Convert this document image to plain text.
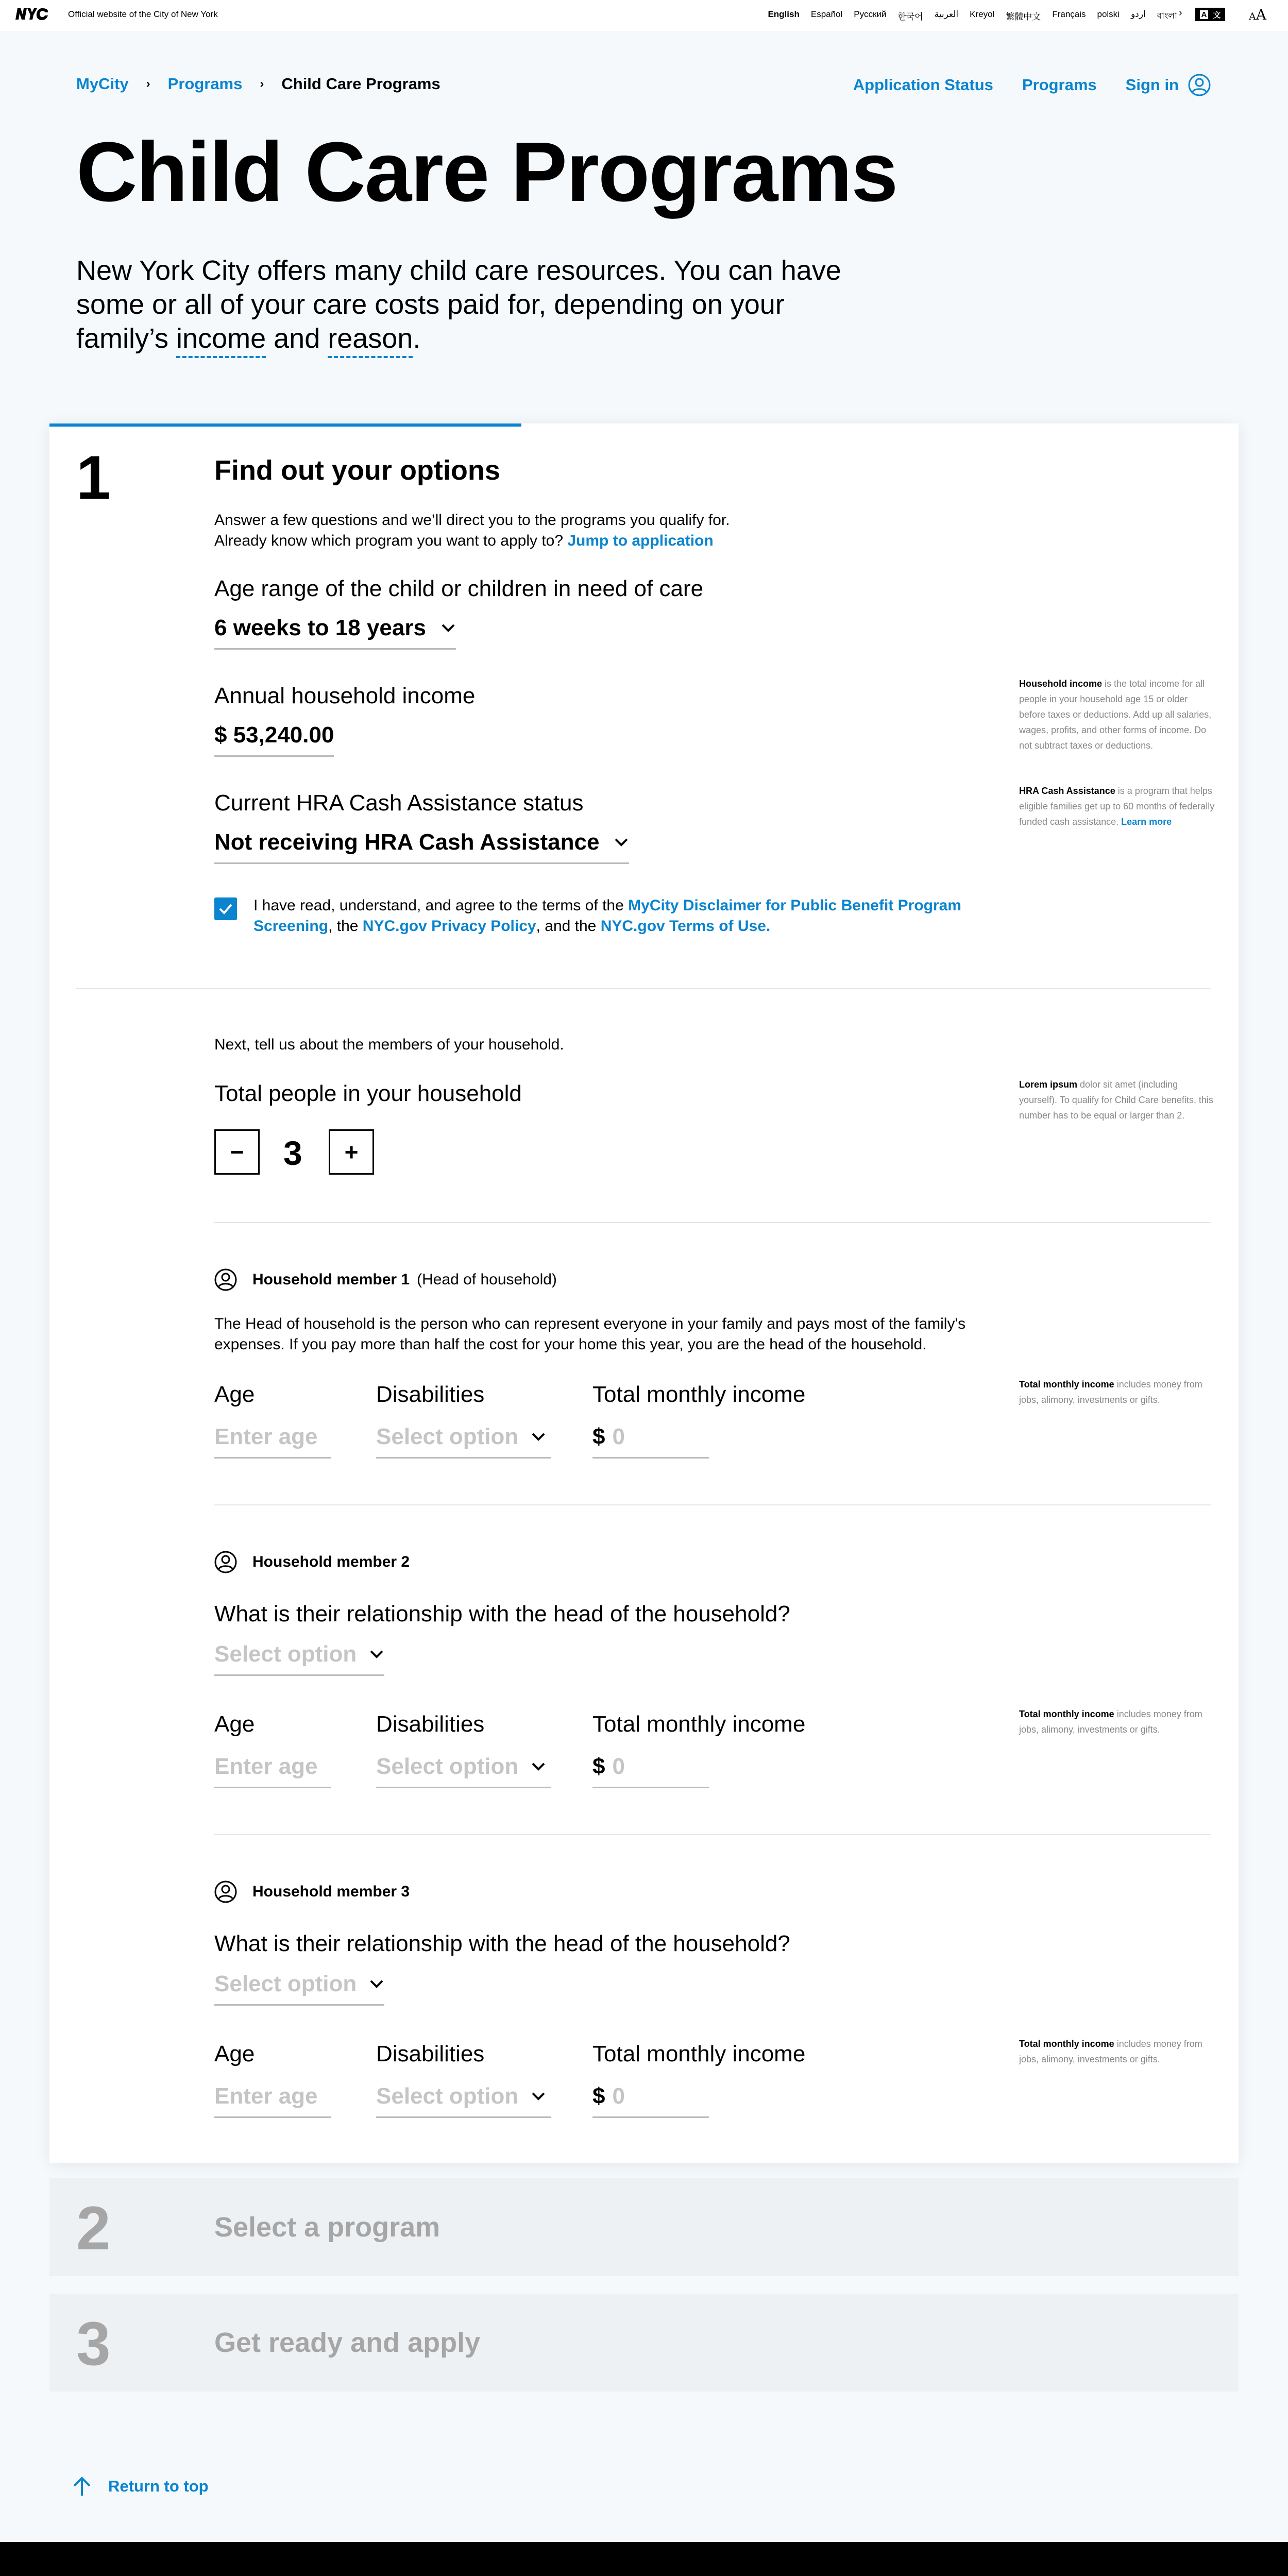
Official website of the City of New York	English Español Русский 한국어 العربية Kreyol 繁體中文 Français polski اردو বাংলা › A 文	AA
MyCity › Programs › Child Care Programs	Application Status Programs Sign in
Child Care Programs

New York City offers many child care resources. You can have some or all of your care costs paid for, depending on your family’s income and reason.

1	Find out your options

Answer a few questions and we’ll direct you to the programs you qualify for.
Already know which program you want to apply to? Jump to application

Age range of the child or children in need of care
6 weeks to 18 years
Annual household income
$ 53,240.00
Current HRA Cash Assistance status
Not receiving HRA Cash Assistance

Household income is the total income for all people in your household age 15 or older before taxes or deductions. Add up all salaries, wages, profits, and other forms of income. Do not subtract taxes or deductions.

HRA Cash Assistance is a program that helps eligible families get up to 60 months of federally funded cash assistance. Learn more

I have read, understand, and agree to the terms of the MyCity Disclaimer for Public Benefit Program Screening, the NYC.gov Privacy Policy, and the NYC.gov Terms of Use.

Next, tell us about the members of your household.

Total people in your household
−	3	+

Lorem ipsum dolor sit amet (including yourself). To qualify for Child Care benefits, this number has to be equal or larger than 2.

Household member 1 (Head of household)

The Head of household is the person who can represent everyone in your family and pays most of the family's expenses. If you pay more than half the cost for your home this year, you are the head of the household.

Age	Disabilities	Total monthly income
Enter age	Select option	$ 0

Total monthly income includes money from jobs, alimony, investments or gifts.

Household member 2
What is their relationship with the head of the household?
Select option
Age	Disabilities	Total monthly income
Enter age	Select option	$ 0

Total monthly income includes money from jobs, alimony, investments or gifts.

Household member 3
What is their relationship with the head of the household?
Select option
Age	Disabilities	Total monthly income
Enter age	Select option	$ 0

Total monthly income includes money from jobs, alimony, investments or gifts.

2	Select a program
3	Get ready and apply
Return to top
